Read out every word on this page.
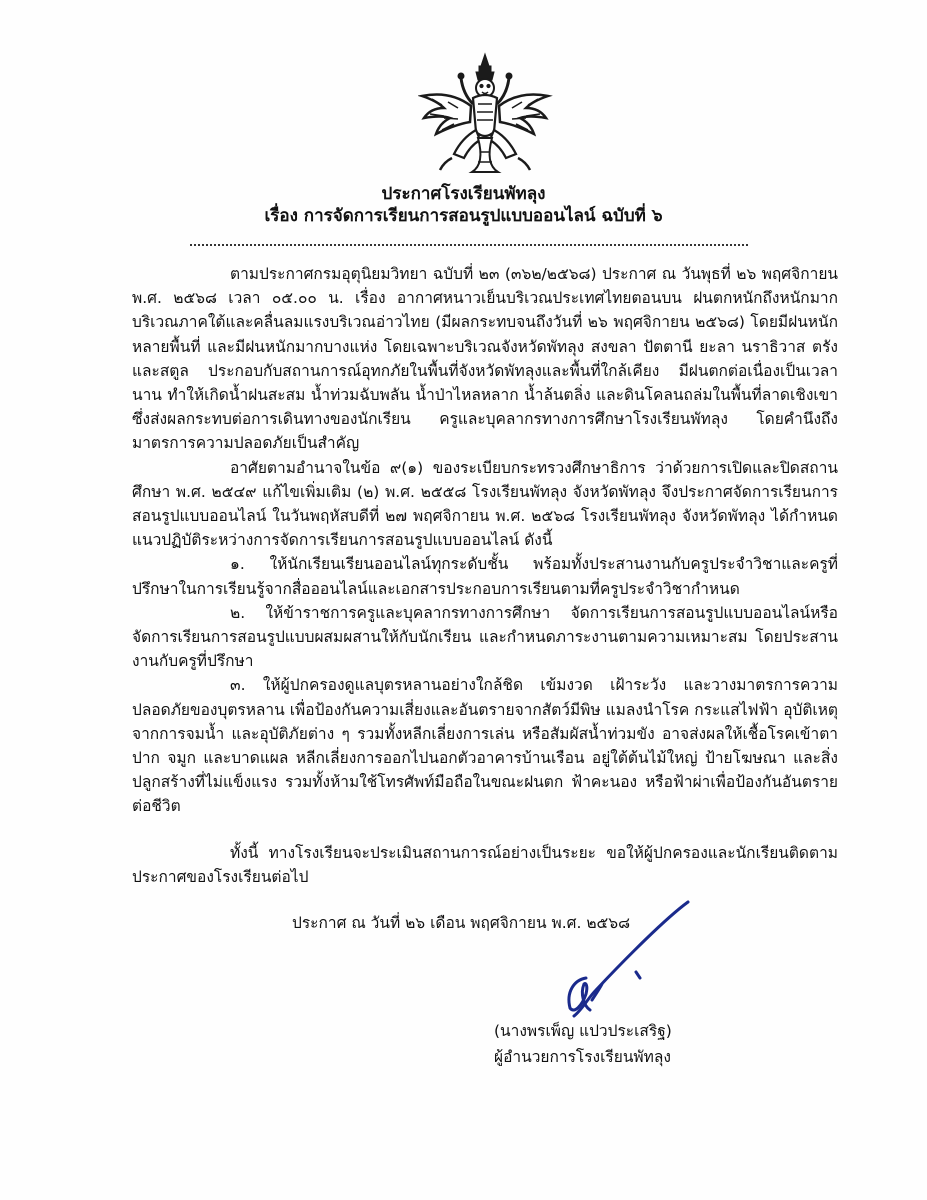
ประกาศโรงเรียนพัทลุง
เรื่อง การจัดการเรียนการสอนรูปแบบออนไลน์ ฉบับที่ ๖

ตามประกาศกรมอุตุนิยมวิทยา ฉบับที่ ๒๓ (๓๖๒/๒๕๖๘) ประกาศ ณ วันพุธที่ ๒๖ พฤศจิกายน พ.ศ. ๒๕๖๘ เวลา ๐๕.๐๐ น. เรื่อง อากาศหนาวเย็นบริเวณประเทศไทยตอนบน ฝนตกหนักถึงหนักมากบริเวณภาคใต้และคลื่นลมแรงบริเวณอ่าวไทย (มีผลกระทบจนถึงวันที่ ๒๖ พฤศจิกายน ๒๕๖๘) โดยมีฝนหนักหลายพื้นที่ และมีฝนหนักมากบางแห่ง โดยเฉพาะบริเวณจังหวัดพัทลุง สงขลา ปัตตานี ยะลา นราธิวาส ตรัง และสตูล ประกอบกับสถานการณ์อุทกภัยในพื้นที่จังหวัดพัทลุงและพื้นที่ใกล้เคียง มีฝนตกต่อเนื่องเป็นเวลานาน ทำให้เกิดน้ำฝนสะสม น้ำท่วมฉับพลัน น้ำป่าไหลหลาก น้ำล้นตลิ่ง และดินโคลนถล่มในพื้นที่ลาดเชิงเขา ซึ่งส่งผลกระทบต่อการเดินทางของนักเรียน ครูและบุคลากรทางการศึกษาโรงเรียนพัทลุง โดยคำนึงถึงมาตรการความปลอดภัยเป็นสำคัญ

อาศัยตามอำนาจในข้อ ๙(๑) ของระเบียบกระทรวงศึกษาธิการ ว่าด้วยการเปิดและปิดสถานศึกษา พ.ศ. ๒๕๔๙ แก้ไขเพิ่มเติม (๒) พ.ศ. ๒๕๕๘ โรงเรียนพัทลุง จังหวัดพัทลุง จึงประกาศจัดการเรียนการสอนรูปแบบออนไลน์ ในวันพฤหัสบดีที่ ๒๗ พฤศจิกายน พ.ศ. ๒๕๖๘ โรงเรียนพัทลุง จังหวัดพัทลุง ได้กำหนดแนวปฏิบัติระหว่างการจัดการเรียนการสอนรูปแบบออนไลน์ ดังนี้

๑. ให้นักเรียนเรียนออนไลน์ทุกระดับชั้น พร้อมทั้งประสานงานกับครูประจำวิชาและครูที่ปรึกษาในการเรียนรู้จากสื่อออนไลน์และเอกสารประกอบการเรียนตามที่ครูประจำวิชากำหนด

๒. ให้ข้าราชการครูและบุคลากรทางการศึกษา จัดการเรียนการสอนรูปแบบออนไลน์หรือจัดการเรียนการสอนรูปแบบผสมผสานให้กับนักเรียน และกำหนดภาระงานตามความเหมาะสม โดยประสานงานกับครูที่ปรึกษา

๓. ให้ผู้ปกครองดูแลบุตรหลานอย่างใกล้ชิด เข้มงวด เฝ้าระวัง และวางมาตรการความปลอดภัยของบุตรหลาน เพื่อป้องกันความเสี่ยงและอันตรายจากสัตว์มีพิษ แมลงนำโรค กระแสไฟฟ้า อุบัติเหตุจากการจมน้ำ และอุบัติภัยต่าง ๆ รวมทั้งหลีกเลี่ยงการเล่น หรือสัมผัสน้ำท่วมขัง อาจส่งผลให้เชื้อโรคเข้าตา ปาก จมูก และบาดแผล หลีกเลี่ยงการออกไปนอกตัวอาคารบ้านเรือน อยู่ใต้ต้นไม้ใหญ่ ป้ายโฆษณา และสิ่งปลูกสร้างที่ไม่แข็งแรง รวมทั้งห้ามใช้โทรศัพท์มือถือในขณะฝนตก ฟ้าคะนอง หรือฟ้าผ่าเพื่อป้องกันอันตรายต่อชีวิต

ทั้งนี้ ทางโรงเรียนจะประเมินสถานการณ์อย่างเป็นระยะ ขอให้ผู้ปกครองและนักเรียนติดตามประกาศของโรงเรียนต่อไป

ประกาศ ณ วันที่ ๒๖ เดือน พฤศจิกายน พ.ศ. ๒๕๖๘
(นางพรเพ็ญ แปวประเสริฐ)
ผู้อำนวยการโรงเรียนพัทลุง
